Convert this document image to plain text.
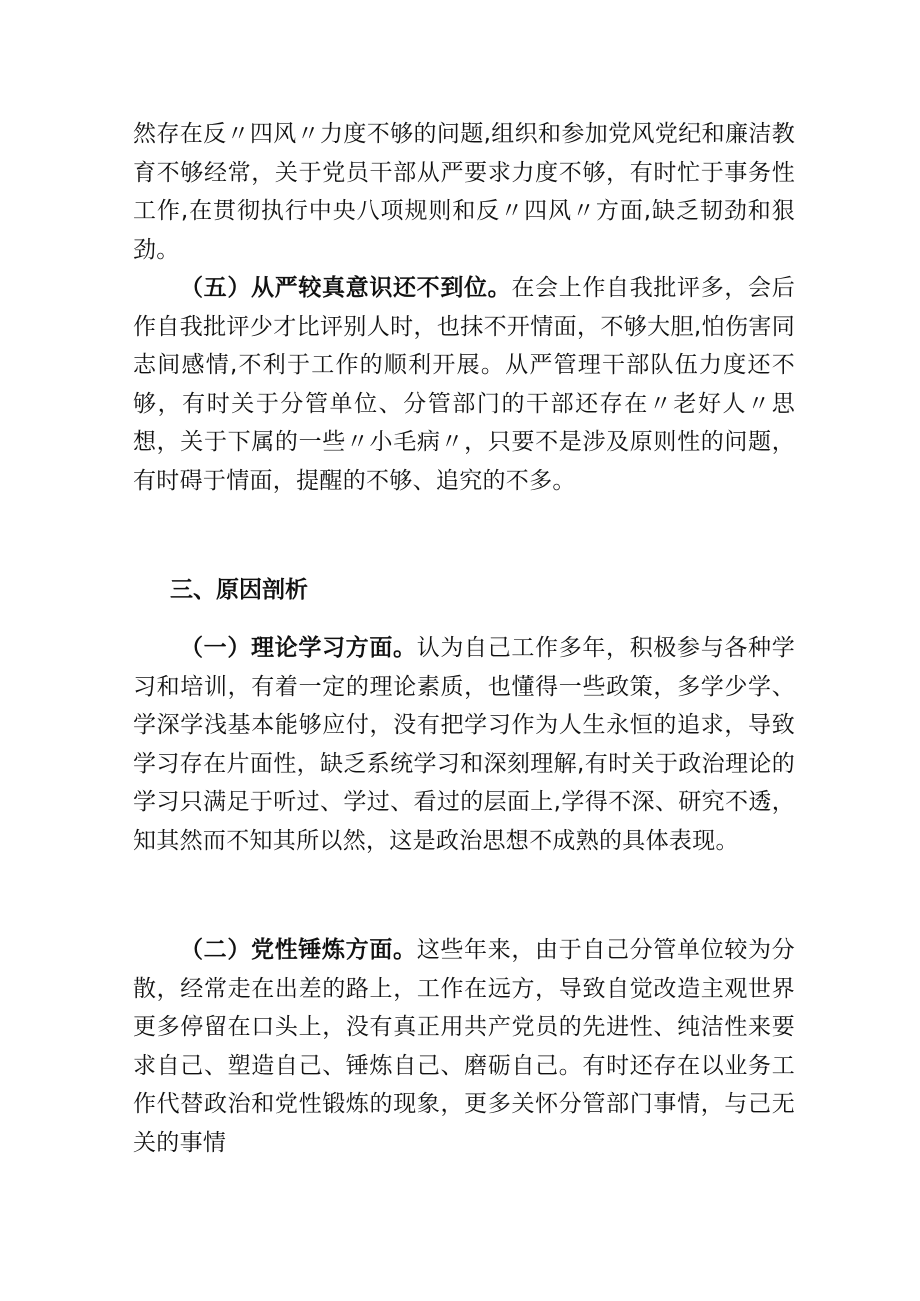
然存在反〃四风〃力度不够的问题,组织和参加党风党纪和廉洁教育不够经常，关于党员干部从严要求力度不够，有时忙于事务性工作,在贯彻执行中央八项规则和反〃四风〃方面,缺乏韧劲和狠劲。

（五）从严较真意识还不到位。在会上作自我批评多，会后作自我批评少才比评别人时，也抹不开情面，不够大胆,怕伤害同志间感情,不利于工作的顺利开展。从严管理干部队伍力度还不够，有时关于分管单位、分管部门的干部还存在〃老好人〃思想，关于下属的一些〃小毛病〃，只要不是涉及原则性的问题，有时碍于情面，提醒的不够、追究的不多。

三、原因剖析

（一）理论学习方面。认为自己工作多年，积极参与各种学习和培训，有着一定的理论素质，也懂得一些政策，多学少学、学深学浅基本能够应付，没有把学习作为人生永恒的追求，导致学习存在片面性，缺乏系统学习和深刻理解,有时关于政治理论的学习只满足于听过、学过、看过的层面上,学得不深、研究不透，知其然而不知其所以然，这是政治思想不成熟的具体表现。

（二）党性锤炼方面。这些年来，由于自己分管单位较为分散，经常走在出差的路上，工作在远方，导致自觉改造主观世界更多停留在口头上，没有真正用共产党员的先进性、纯洁性来要求自己、塑造自己、锤炼自己、磨砺自己。有时还存在以业务工作代替政治和党性锻炼的现象，更多关怀分管部门事情，与己无关的事情
